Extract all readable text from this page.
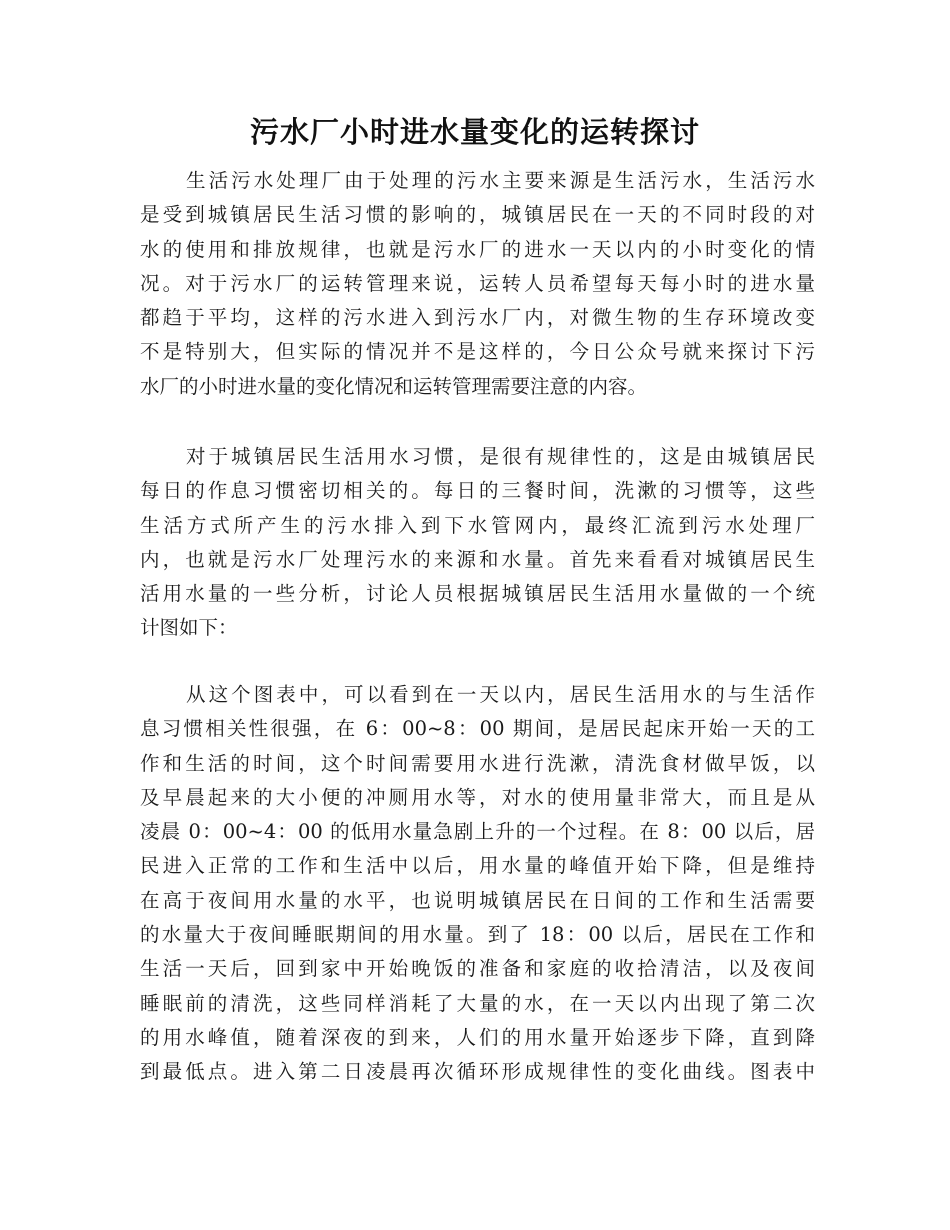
污水厂小时进水量变化的运转探讨

生活污水处理厂由于处理的污水主要来源是生活污水，生活污水
是受到城镇居民生活习惯的影响的，城镇居民在一天的不同时段的对
水的使用和排放规律，也就是污水厂的进水一天以内的小时变化的情
况。对于污水厂的运转管理来说，运转人员希望每天每小时的进水量
都趋于平均，这样的污水进入到污水厂内，对微生物的生存环境改变
不是特别大，但实际的情况并不是这样的，今日公众号就来探讨下污
水厂的小时进水量的变化情况和运转管理需要注意的内容。

对于城镇居民生活用水习惯，是很有规律性的，这是由城镇居民
每日的作息习惯密切相关的。每日的三餐时间，洗漱的习惯等，这些
生活方式所产生的污水排入到下水管网内，最终汇流到污水处理厂
内，也就是污水厂处理污水的来源和水量。首先来看看对城镇居民生
活用水量的一些分析，讨论人员根据城镇居民生活用水量做的一个统
计图如下：

从这个图表中，可以看到在一天以内，居民生活用水的与生活作
息习惯相关性很强，在 6：00~8：00 期间，是居民起床开始一天的工
作和生活的时间，这个时间需要用水进行洗漱，清洗食材做早饭，以
及早晨起来的大小便的冲厕用水等，对水的使用量非常大，而且是从
凌晨 0：00~4：00 的低用水量急剧上升的一个过程。在 8：00 以后，居
民进入正常的工作和生活中以后，用水量的峰值开始下降，但是维持
在高于夜间用水量的水平，也说明城镇居民在日间的工作和生活需要
的水量大于夜间睡眠期间的用水量。到了 18：00 以后，居民在工作和
生活一天后，回到家中开始晚饭的准备和家庭的收拾清洁，以及夜间
睡眠前的清洗，这些同样消耗了大量的水，在一天以内出现了第二次
的用水峰值，随着深夜的到来，人们的用水量开始逐步下降，直到降
到最低点。进入第二日凌晨再次循环形成规律性的变化曲线。图表中
